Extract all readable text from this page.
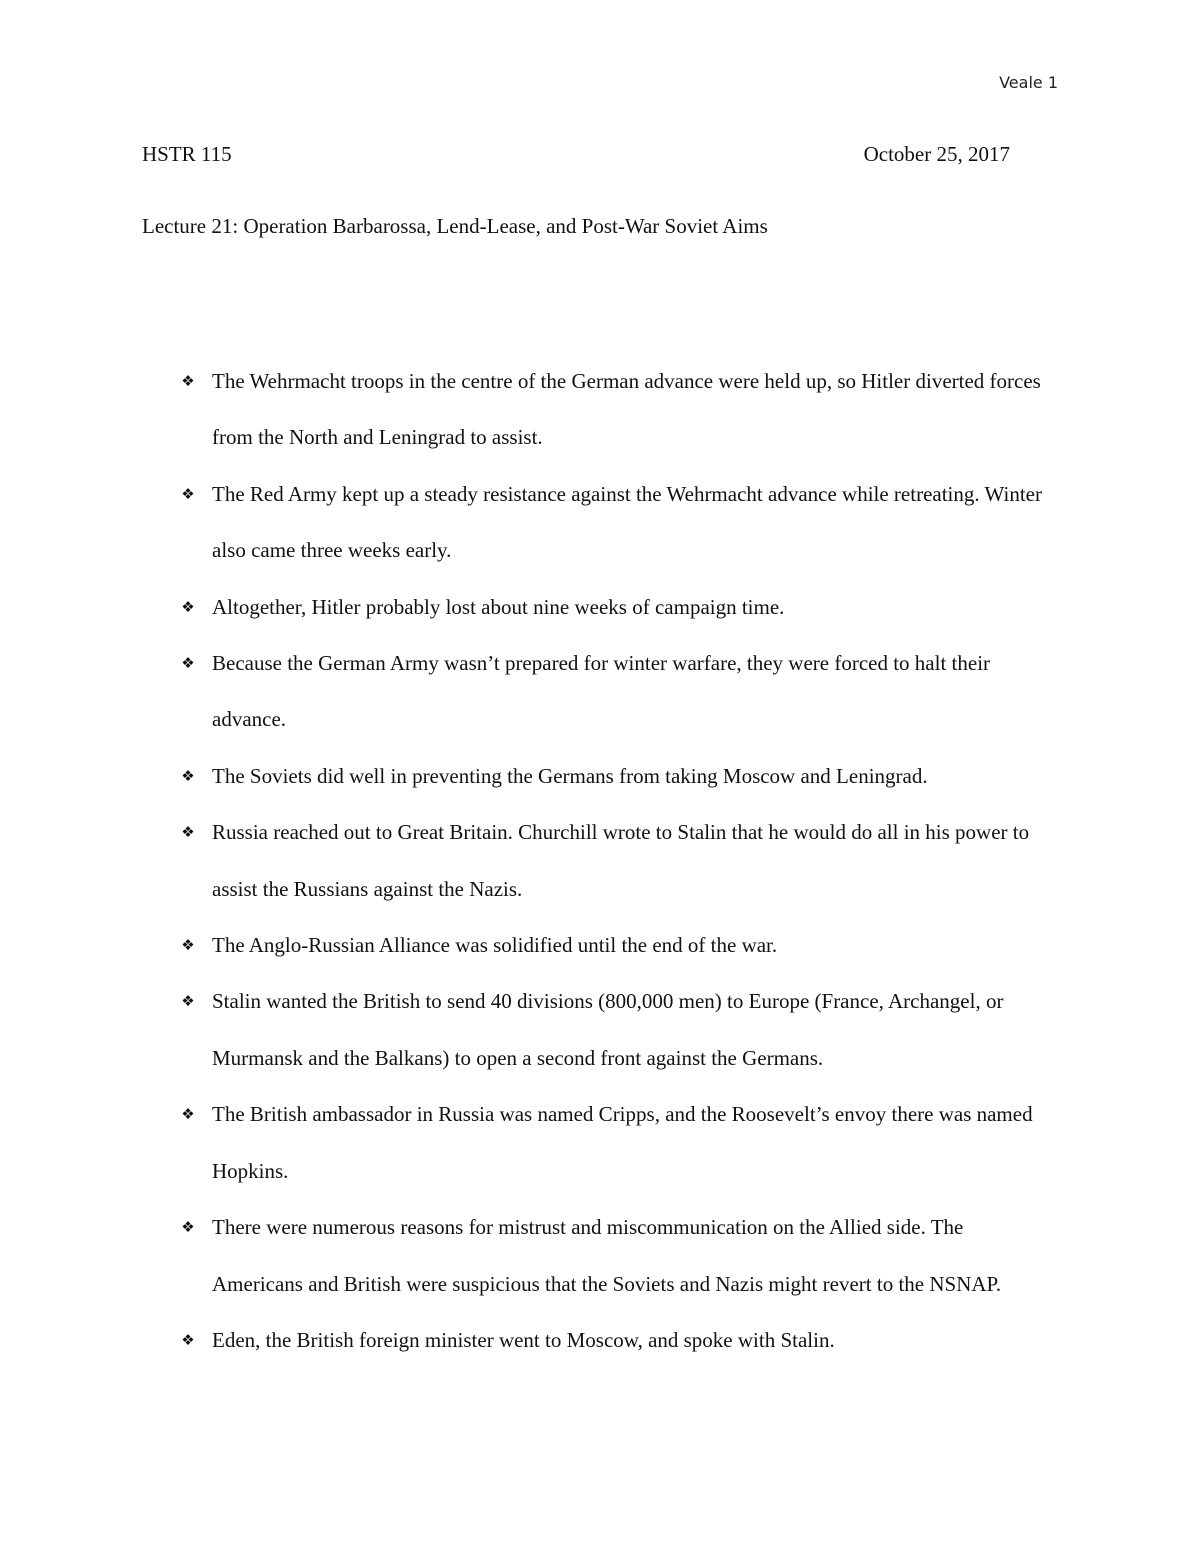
Veale 1
HSTR 115	October 25, 2017
Lecture 21: Operation Barbarossa, Lend-Lease, and Post-War Soviet Aims
❖ The Wehrmacht troops in the centre of the German advance were held up, so Hitler diverted forces from the North and Leningrad to assist.
❖ The Red Army kept up a steady resistance against the Wehrmacht advance while retreating. Winter also came three weeks early.
❖ Altogether, Hitler probably lost about nine weeks of campaign time.
❖ Because the German Army wasn’t prepared for winter warfare, they were forced to halt their advance.
❖ The Soviets did well in preventing the Germans from taking Moscow and Leningrad.
❖ Russia reached out to Great Britain. Churchill wrote to Stalin that he would do all in his power to assist the Russians against the Nazis.
❖ The Anglo-Russian Alliance was solidified until the end of the war.
❖ Stalin wanted the British to send 40 divisions (800,000 men) to Europe (France, Archangel, or Murmansk and the Balkans) to open a second front against the Germans.
❖ The British ambassador in Russia was named Cripps, and the Roosevelt’s envoy there was named Hopkins.
❖ There were numerous reasons for mistrust and miscommunication on the Allied side. The Americans and British were suspicious that the Soviets and Nazis might revert to the NSNAP.
❖ Eden, the British foreign minister went to Moscow, and spoke with Stalin.
